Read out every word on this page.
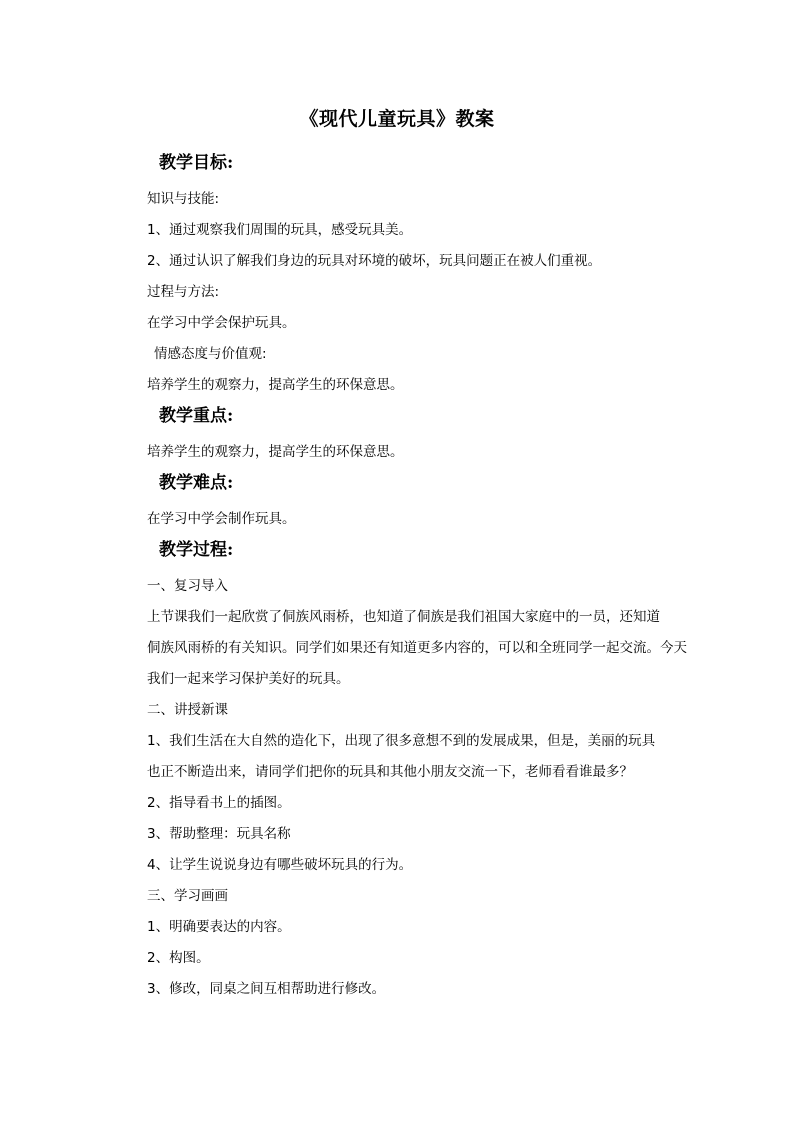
《现代儿童玩具》教案
教学目标:
知识与技能:
1、通过观察我们周围的玩具，感受玩具美。
2、通过认识了解我们身边的玩具对环境的破坏，玩具问题正在被人们重视。
过程与方法:
在学习中学会保护玩具。
情感态度与价值观:
培养学生的观察力，提高学生的环保意思。
教学重点:
培养学生的观察力，提高学生的环保意思。
教学难点:
在学习中学会制作玩具。
教学过程:
一、复习导入
上节课我们一起欣赏了侗族风雨桥，也知道了侗族是我们祖国大家庭中的一员，还知道
侗族风雨桥的有关知识。同学们如果还有知道更多内容的，可以和全班同学一起交流。今天
我们一起来学习保护美好的玩具。
二、讲授新课
1、我们生活在大自然的造化下，出现了很多意想不到的发展成果，但是，美丽的玩具
也正不断造出来，请同学们把你的玩具和其他小朋友交流一下，老师看看谁最多？
2、指导看书上的插图。
3、帮助整理：玩具名称
4、让学生说说身边有哪些破坏玩具的行为。
三、学习画画
1、明确要表达的内容。
2、构图。
3、修改，同桌之间互相帮助进行修改。
